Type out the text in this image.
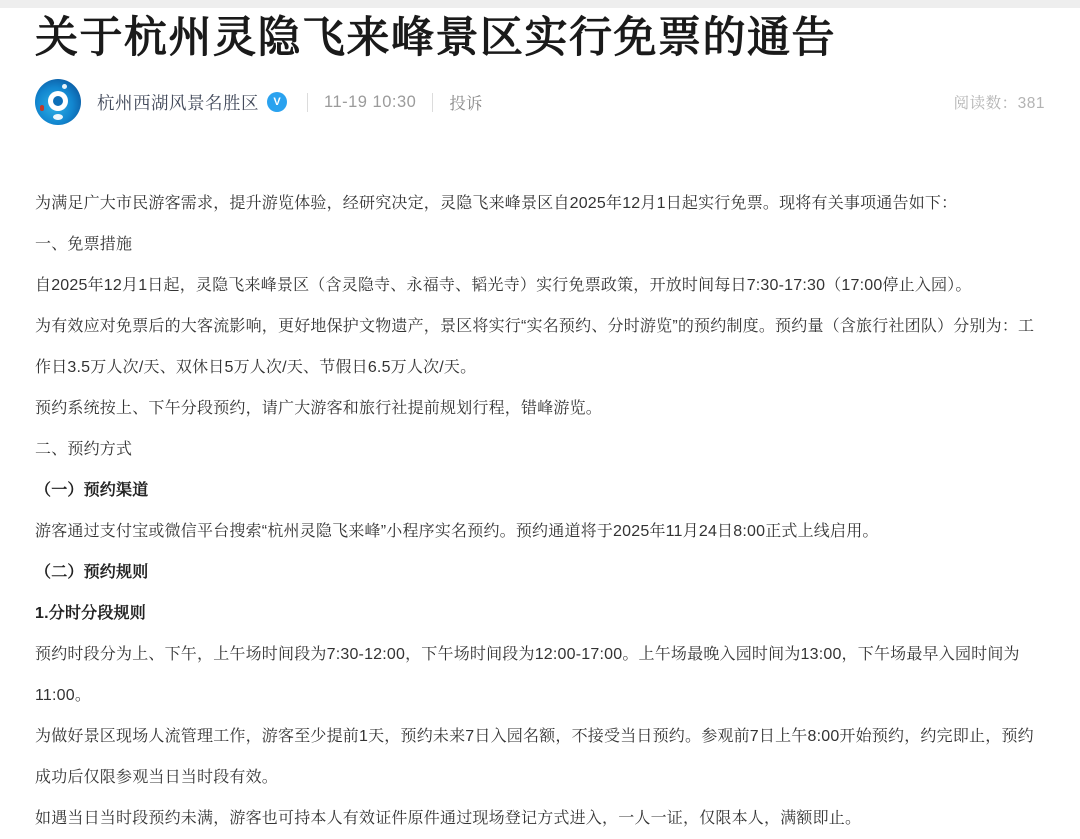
关于杭州灵隐飞来峰景区实行免票的通告
杭州西湖风景名胜区	V	11-19 10:30 投诉	阅读数：381

为满足广大市民游客需求，提升游览体验，经研究决定，灵隐飞来峰景区自2025年12月1日起实行免票。现将有关事项通告如下：

一、免票措施

自2025年12月1日起，灵隐飞来峰景区（含灵隐寺、永福寺、韬光寺）实行免票政策，开放时间每日7:30-17:30（17:00停止入园）。

为有效应对免票后的大客流影响，更好地保护文物遗产，景区将实行“实名预约、分时游览”的预约制度。预约量（含旅行社团队）分别为：工作日3.5万人次/天、双休日5万人次/天、节假日6.5万人次/天。

预约系统按上、下午分段预约，请广大游客和旅行社提前规划行程，错峰游览。

二、预约方式

（一）预约渠道

游客通过支付宝或微信平台搜索“杭州灵隐飞来峰”小程序实名预约。预约通道将于2025年11月24日8:00正式上线启用。

（二）预约规则

1.分时分段规则

预约时段分为上、下午，上午场时间段为7:30-12:00，下午场时间段为12:00-17:00。上午场最晚入园时间为13:00，下午场最早入园时间为11:00。

为做好景区现场人流管理工作，游客至少提前1天，预约未来7日入园名额，不接受当日预约。参观前7日上午8:00开始预约，约完即止，预约成功后仅限参观当日当时段有效。

如遇当日当时段预约未满，游客也可持本人有效证件原件通过现场登记方式进入，一人一证，仅限本人，满额即止。
